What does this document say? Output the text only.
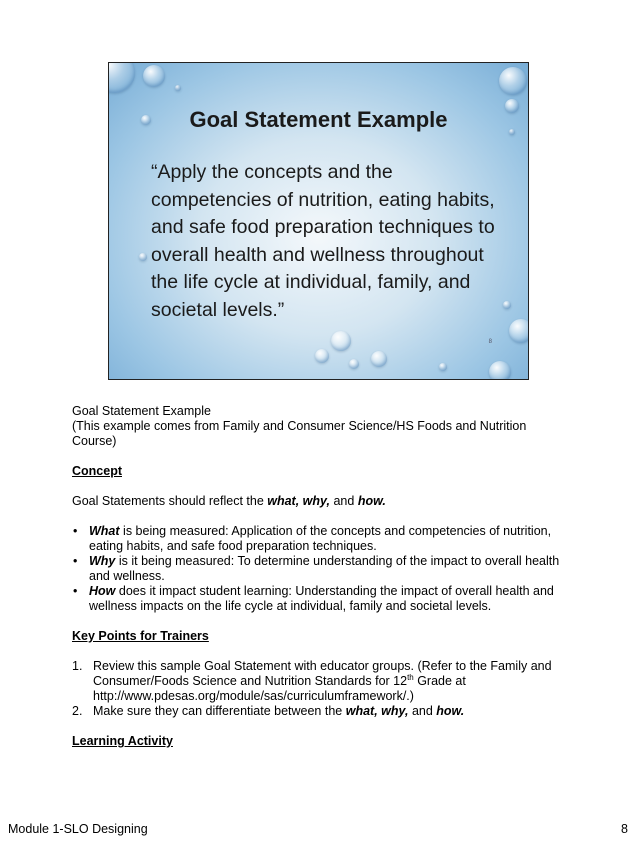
Goal Statement Example
“Apply the concepts and the competencies of nutrition, eating habits, and safe food preparation techniques to overall health and wellness throughout the life cycle at individual, family, and societal levels.”
8

Goal Statement Example

(This example comes from Family and Consumer Science/HS Foods and Nutrition Course)

Concept

Goal Statements should reflect the what, why, and how.

• What is being measured: Application of the concepts and competencies of nutrition, eating habits, and safe food preparation techniques.
• Why is it being measured: To determine understanding of the impact to overall health and wellness.
• How does it impact student learning: Understanding the impact of overall health and wellness impacts on the life cycle at individual, family and societal levels.

Key Points for Trainers

1. Review this sample Goal Statement with educator groups. (Refer to the Family and Consumer/Foods Science and Nutrition Standards for 12th Grade at http://www.pdesas.org/module/sas/curriculumframework/.)
2. Make sure they can differentiate between the what, why, and how.

Learning Activity

Module 1-SLO Designing	8
